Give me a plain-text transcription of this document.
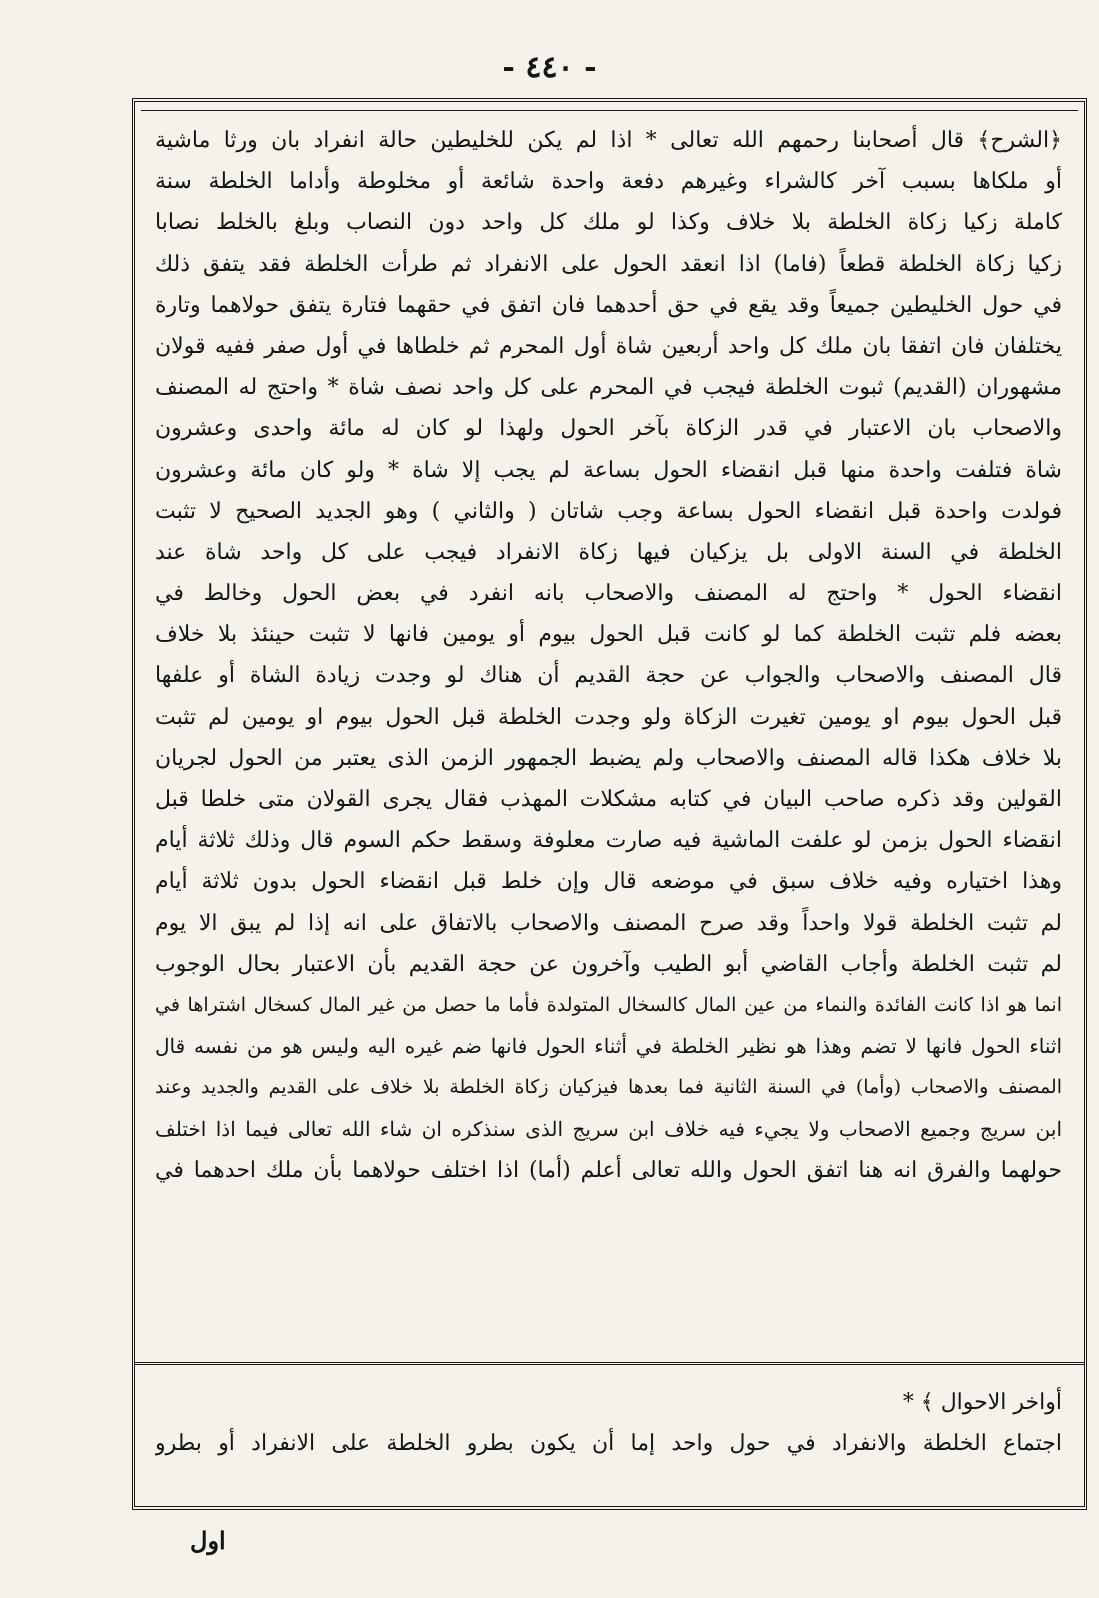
- ٤٤٠ -
﴿الشرح﴾ قال أصحابنا رحمهم الله تعالى * اذا لم يكن للخليطين حالة انفراد بان ورثا ماشية
أو ملكاها بسبب آخر كالشراء وغيرهم دفعة واحدة شائعة أو مخلوطة وأداما الخلطة سنة
كاملة زكيا زكاة الخلطة بلا خلاف وكذا لو ملك كل واحد دون النصاب وبلغ بالخلط نصابا
زكيا زكاة الخلطة قطعاً (فاما) اذا انعقد الحول على الانفراد ثم طرأت الخلطة فقد يتفق ذلك
في حول الخليطين جميعاً وقد يقع في حق أحدهما فان اتفق في حقهما فتارة يتفق حولاهما وتارة
يختلفان فان اتفقا بان ملك كل واحد أربعين شاة أول المحرم ثم خلطاها في أول صفر ففيه قولان
مشهوران (القديم) ثبوت الخلطة فيجب في المحرم على كل واحد نصف شاة * واحتج له المصنف
والاصحاب بان الاعتبار في قدر الزكاة بآخر الحول ولهذا لو كان له مائة واحدى وعشرون
شاة فتلفت واحدة منها قبل انقضاء الحول بساعة لم يجب إلا شاة * ولو كان مائة وعشرون
فولدت واحدة قبل انقضاء الحول بساعة وجب شاتان ( والثاني ) وهو الجديد الصحيح لا تثبت
الخلطة في السنة الاولى بل يزكيان فيها زكاة الانفراد فيجب على كل واحد شاة عند
انقضاء الحول * واحتج له المصنف والاصحاب بانه انفرد في بعض الحول وخالط في
بعضه فلم تثبت الخلطة كما لو كانت قبل الحول بيوم أو يومين فانها لا تثبت حينئذ بلا خلاف
قال المصنف والاصحاب والجواب عن حجة القديم أن هناك لو وجدت زيادة الشاة أو علفها
قبل الحول بيوم او يومين تغيرت الزكاة ولو وجدت الخلطة قبل الحول بيوم او يومين لم تثبت
بلا خلاف هكذا قاله المصنف والاصحاب ولم يضبط الجمهور الزمن الذى يعتبر من الحول لجريان
القولين وقد ذكره صاحب البيان في كتابه مشكلات المهذب فقال يجرى القولان متى خلطا قبل
انقضاء الحول بزمن لو علفت الماشية فيه صارت معلوفة وسقط حكم السوم قال وذلك ثلاثة أيام
وهذا اختياره وفيه خلاف سبق في موضعه قال وإن خلط قبل انقضاء الحول بدون ثلاثة أيام
لم تثبت الخلطة قولا واحداً وقد صرح المصنف والاصحاب بالاتفاق على انه إذا لم يبق الا يوم
لم تثبت الخلطة وأجاب القاضي أبو الطيب وآخرون عن حجة القديم بأن الاعتبار بحال الوجوب
انما هو اذا كانت الفائدة والنماء من عين المال كالسخال المتولدة فأما ما حصل من غير المال كسخال اشتراها في
اثناء الحول فانها لا تضم وهذا هو نظير الخلطة في أثناء الحول فانها ضم غيره اليه وليس هو من نفسه قال
المصنف والاصحاب (وأما) في السنة الثانية فما بعدها فيزكيان زكاة الخلطة بلا خلاف على القديم والجديد وعند
ابن سريج وجميع الاصحاب ولا يجيء فيه خلاف ابن سريج الذى سنذكره ان شاء الله تعالى فيما اذا اختلف
حولهما والفرق انه هنا اتفق الحول والله تعالى أعلم (أما) اذا اختلف حولاهما بأن ملك احدهما في
أواخر الاحوال ﴾ *
اجتماع الخلطة والانفراد في حول واحد إما أن يكون بطرو الخلطة على الانفراد أو بطرو
اول
